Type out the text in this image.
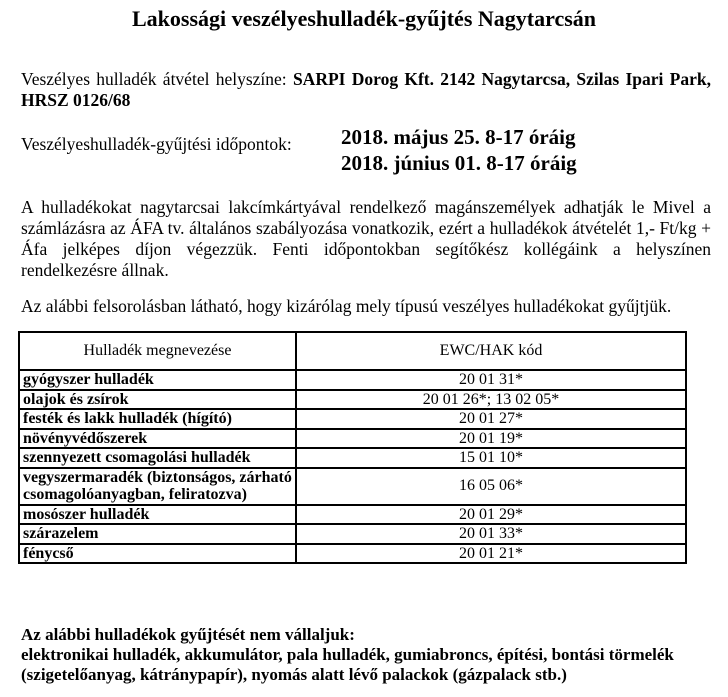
Lakossági veszélyeshulladék-gyűjtés Nagytarcsán
Veszélyes hulladék átvétel helyszíne: SARPI Dorog Kft. 2142 Nagytarcsa, Szilas Ipari Park, HRSZ 0126/68
Veszélyeshulladék-gyűjtési időpontok: 2018. május 25. 8-17 óráig
2018. június 01. 8-17 óráig
A hulladékokat nagytarcsai lakcímkártyával rendelkező magánszemélyek adhatják le Mivel a számlázásra az ÁFA tv. általános szabályozása vonatkozik, ezért a hulladékok átvételét 1,- Ft/kg + Áfa jelképes díjon végezzük. Fenti időpontokban segítőkész kollégáink a helyszínen rendelkezésre állnak.
Az alábbi felsorolásban látható, hogy kizárólag mely típusú veszélyes hulladékokat gyűjtjük.
Hulladék megnevezése	EWC/HAK kód
gyógyszer hulladék	20 01 31*
olajok és zsírok	20 01 26*; 13 02 05*
festék és lakk hulladék (hígító)	20 01 27*
növényvédőszerek	20 01 19*
szennyezett csomagolási hulladék	15 01 10*
vegyszermaradék (biztonságos, zárható csomagolóanyagban, feliratozva)	16 05 06*
mosószer hulladék	20 01 29*
szárazelem	20 01 33*
fénycső	20 01 21*
Az alábbi hulladékok gyűjtését nem vállaljuk:
elektronikai hulladék, akkumulátor, pala hulladék, gumiabroncs, építési, bontási törmelék (szigetelőanyag, kátránypapír), nyomás alatt lévő palackok (gázpalack stb.)
